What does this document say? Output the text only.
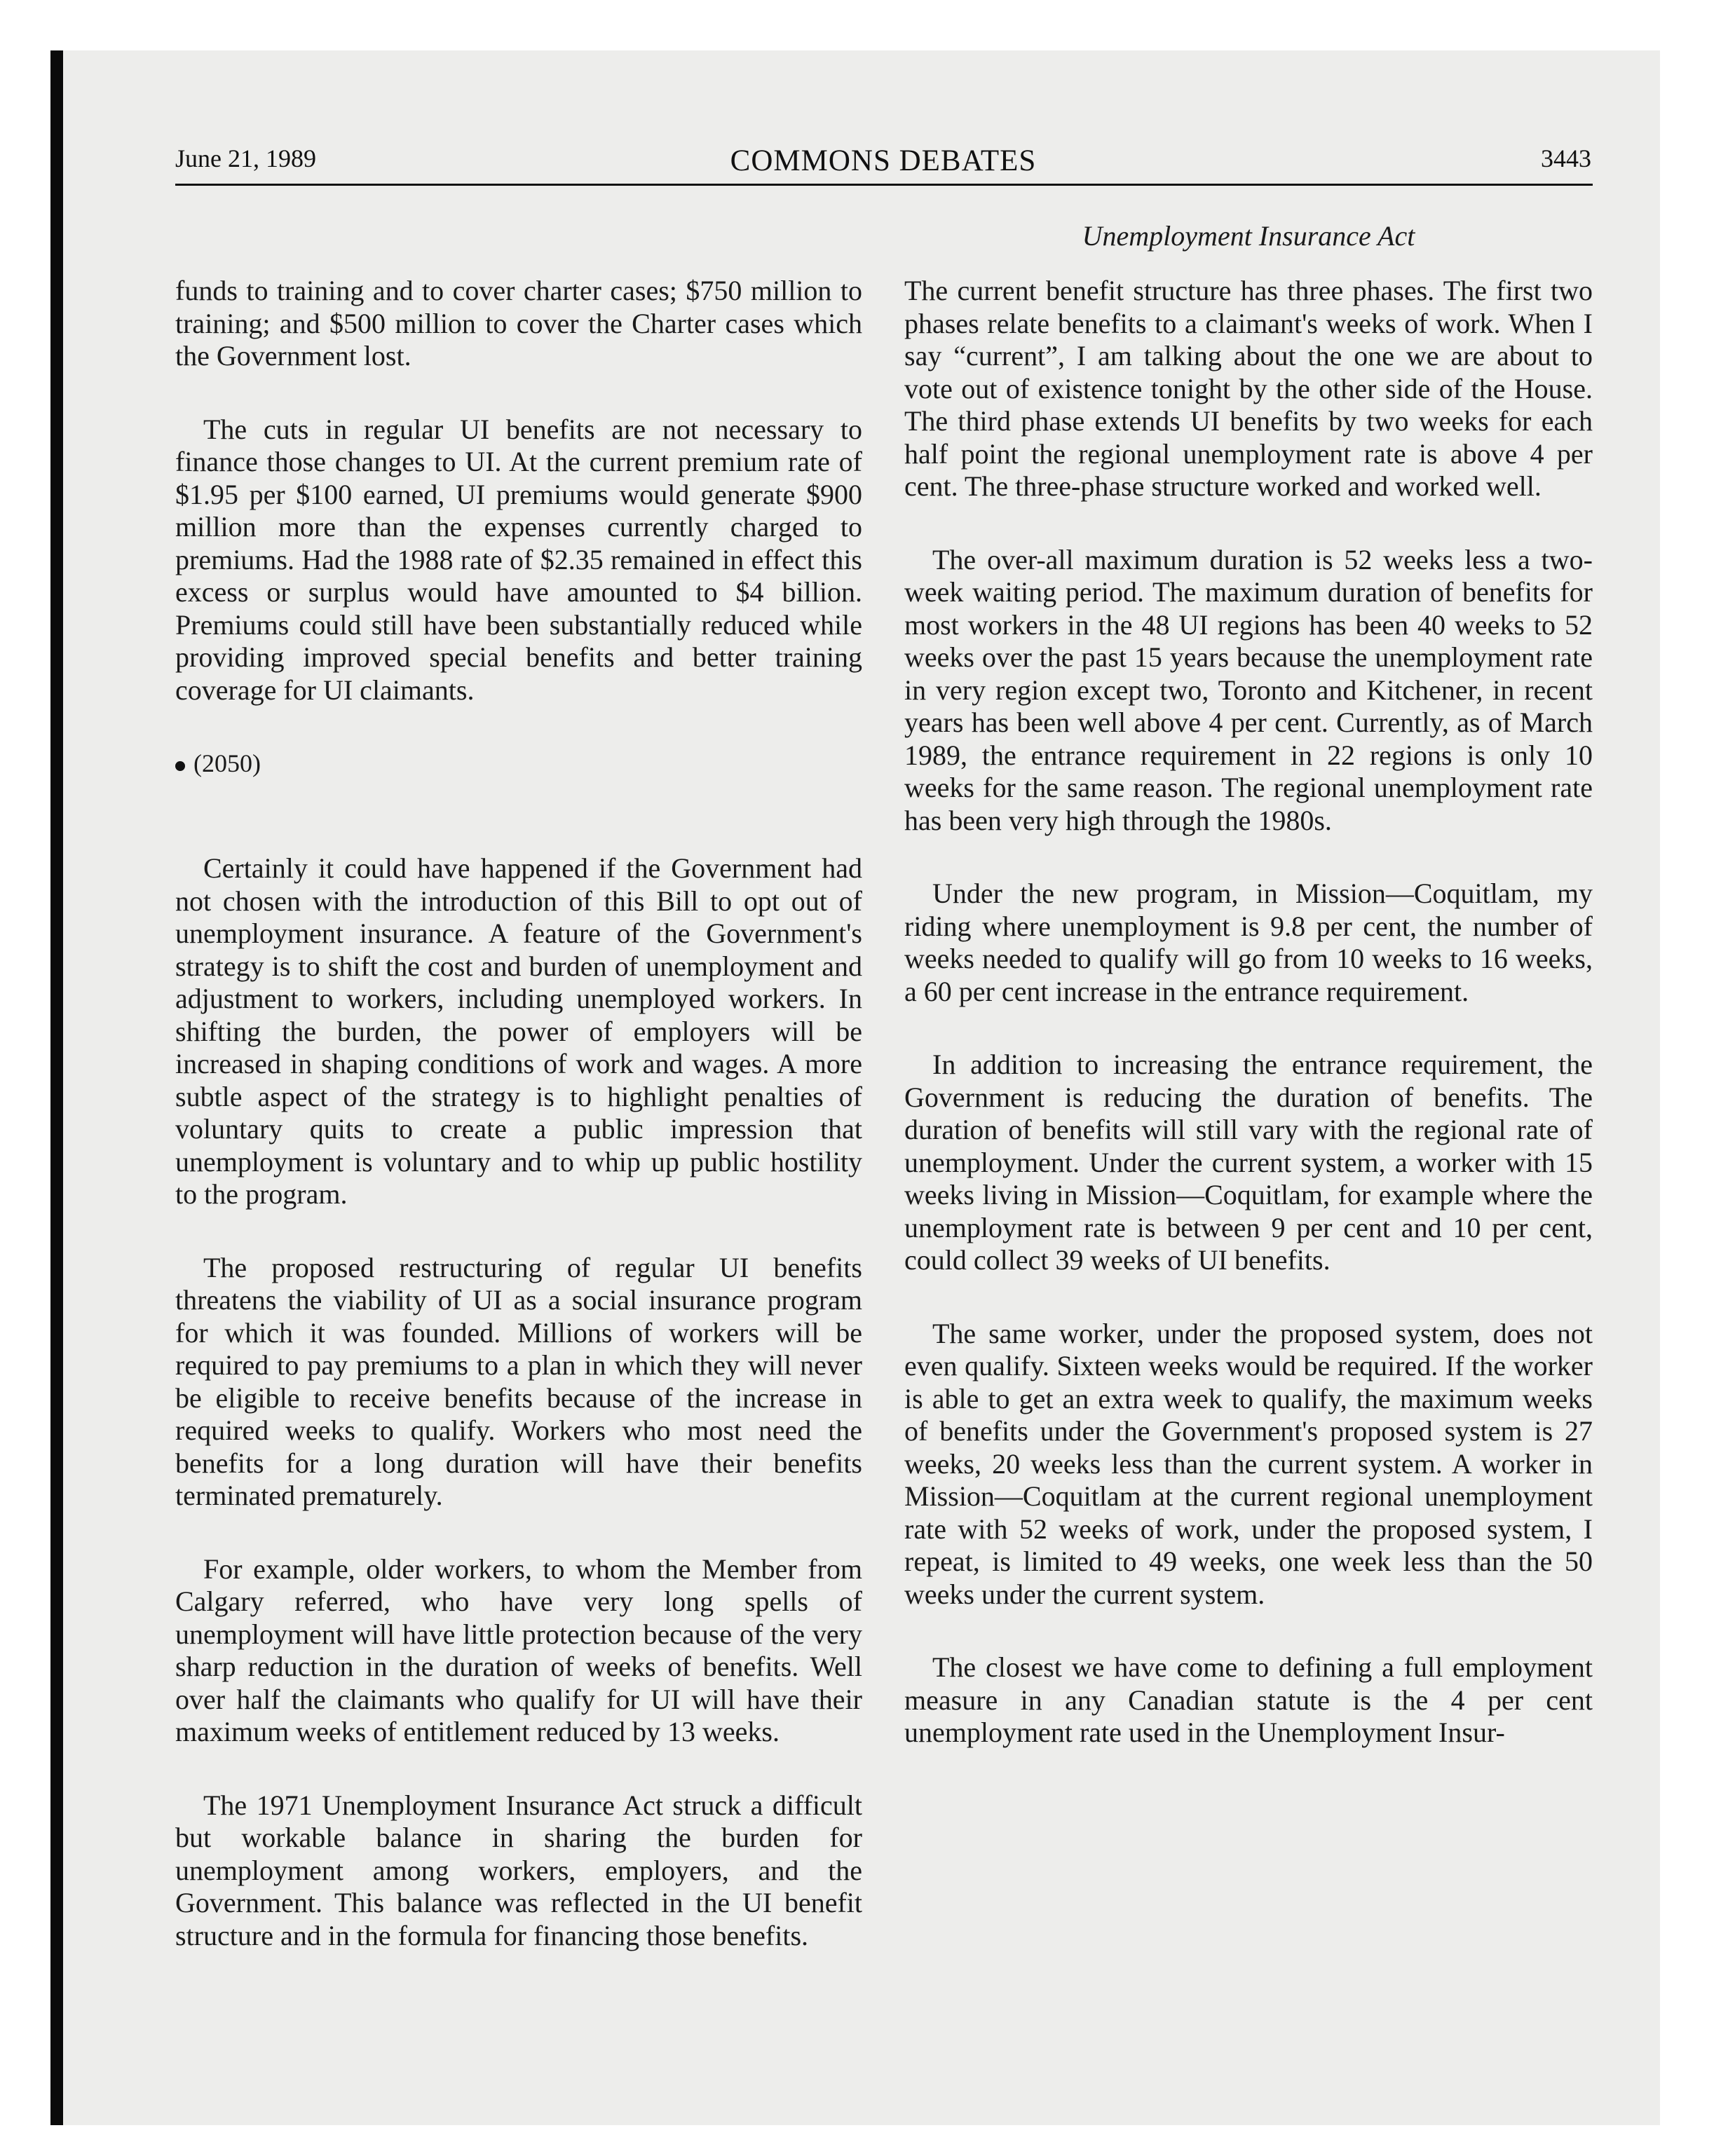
June 21, 1989	COMMONS DEBATES	3443
Unemployment Insurance Act

funds to training and to cover charter cases; $750 million to training; and $500 million to cover the Charter cases which the Government lost.

The cuts in regular UI benefits are not necessary to finance those changes to UI. At the current premium rate of $1.95 per $100 earned, UI premiums would generate $900 million more than the expenses currently charged to premiums. Had the 1988 rate of $2.35 remained in effect this excess or surplus would have amounted to $4 billion. Premiums could still have been substantially reduced while providing improved special benefits and better training coverage for UI claimants.

(2050)

Certainly it could have happened if the Government had not chosen with the introduction of this Bill to opt out of unemployment insurance. A feature of the Government's strategy is to shift the cost and burden of unemployment and adjustment to workers, including unemployed workers. In shifting the burden, the power of employers will be increased in shaping conditions of work and wages. A more subtle aspect of the strategy is to highlight penalties of voluntary quits to create a public impression that unemployment is voluntary and to whip up public hostility to the program.

The proposed restructuring of regular UI benefits threatens the viability of UI as a social insurance program for which it was founded. Millions of workers will be required to pay premiums to a plan in which they will never be eligible to receive benefits because of the increase in required weeks to qualify. Workers who most need the benefits for a long duration will have their benefits terminated prematurely.

For example, older workers, to whom the Member from Calgary referred, who have very long spells of unemployment will have little protection because of the very sharp reduction in the duration of weeks of benefits. Well over half the claimants who qualify for UI will have their maximum weeks of entitlement reduced by 13 weeks.

The 1971 Unemployment Insurance Act struck a difficult but workable balance in sharing the burden for unemployment among workers, employers, and the Government. This balance was reflected in the UI benefit structure and in the formula for financing those benefits.

The current benefit structure has three phases. The first two phases relate benefits to a claimant's weeks of work. When I say “current”, I am talking about the one we are about to vote out of existence tonight by the other side of the House. The third phase extends UI benefits by two weeks for each half point the regional unemployment rate is above 4 per cent. The three-phase structure worked and worked well.

The over-all maximum duration is 52 weeks less a two-week waiting period. The maximum duration of benefits for most workers in the 48 UI regions has been 40 weeks to 52 weeks over the past 15 years because the unemployment rate in very region except two, Toronto and Kitchener, in recent years has been well above 4 per cent. Currently, as of March 1989, the entrance requirement in 22 regions is only 10 weeks for the same reason. The regional unemployment rate has been very high through the 1980s.

Under the new program, in Mission—Coquitlam, my riding where unemployment is 9.8 per cent, the number of weeks needed to qualify will go from 10 weeks to 16 weeks, a 60 per cent increase in the entrance requirement.

In addition to increasing the entrance requirement, the Government is reducing the duration of benefits. The duration of benefits will still vary with the regional rate of unemployment. Under the current system, a worker with 15 weeks living in Mission—Coquitlam, for example where the unemployment rate is between 9 per cent and 10 per cent, could collect 39 weeks of UI benefits.

The same worker, under the proposed system, does not even qualify. Sixteen weeks would be required. If the worker is able to get an extra week to qualify, the maximum weeks of benefits under the Government's proposed system is 27 weeks, 20 weeks less than the current system. A worker in Mission—Coquitlam at the current regional unemployment rate with 52 weeks of work, under the proposed system, I repeat, is limited to 49 weeks, one week less than the 50 weeks under the current system.

The closest we have come to defining a full employment measure in any Canadian statute is the 4 per cent unemployment rate used in the Unemployment Insur-
